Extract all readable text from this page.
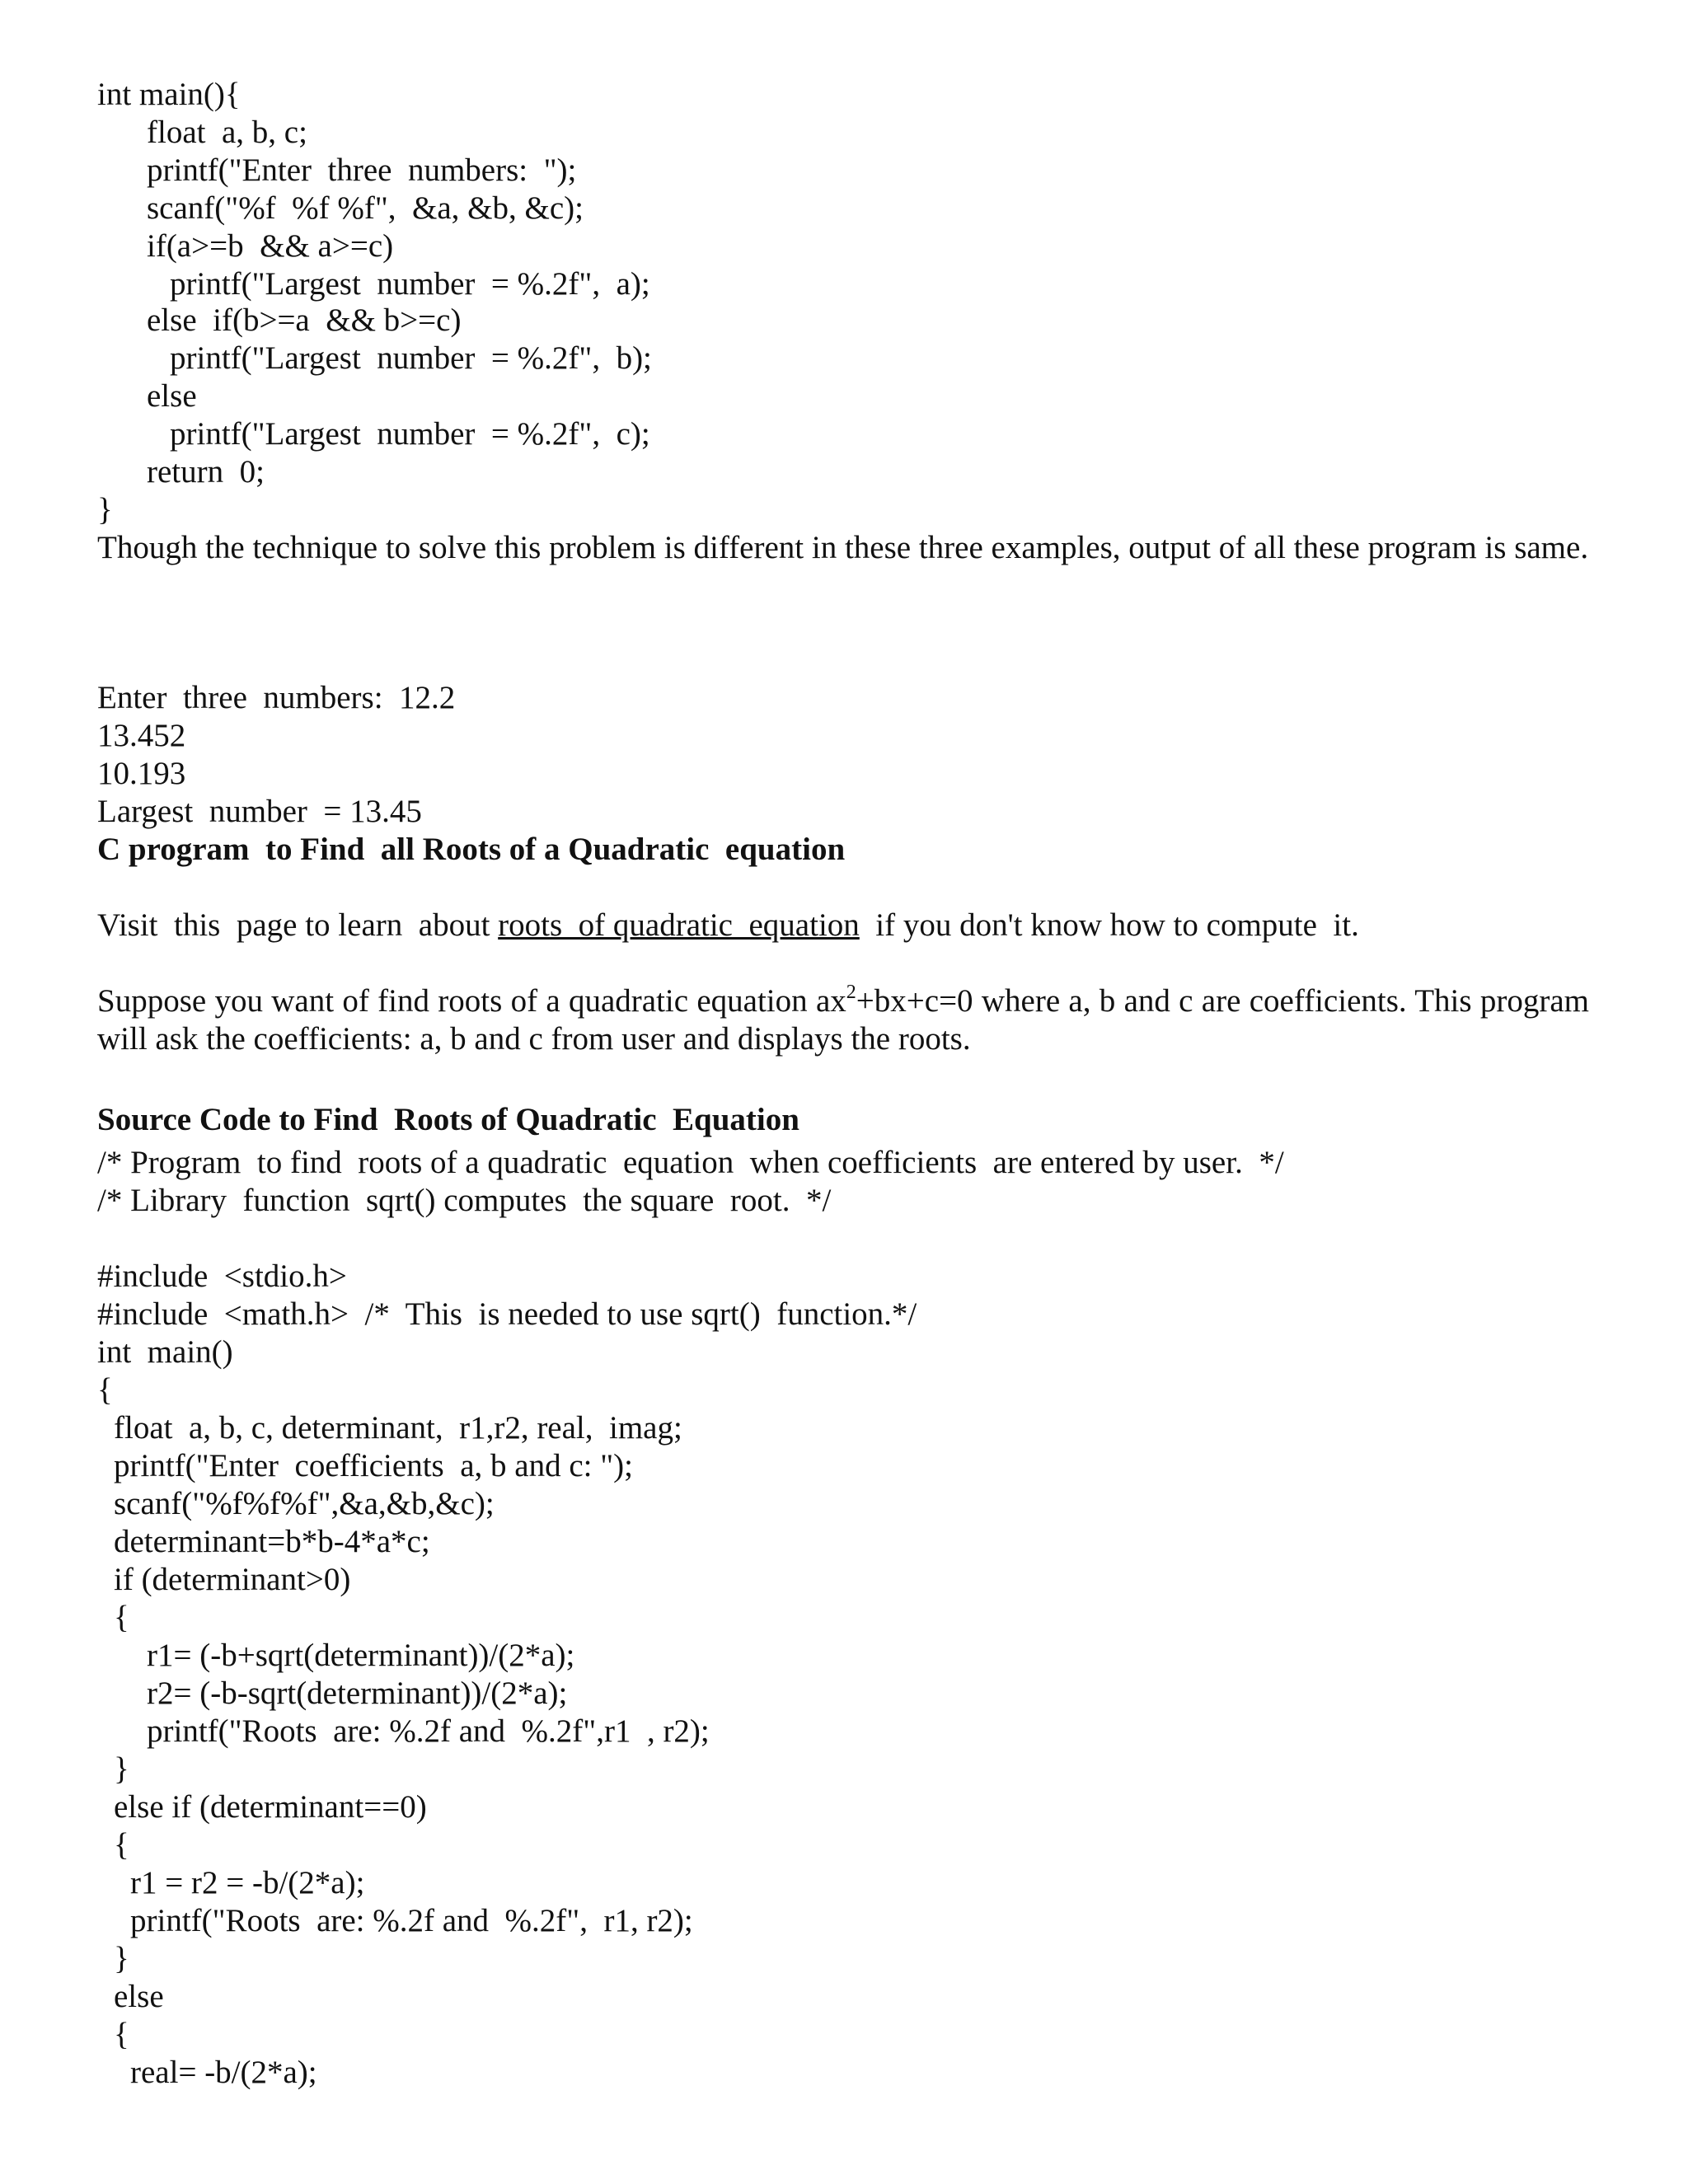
int main(){
float  a, b, c;
printf("Enter  three  numbers:  ");
scanf("%f  %f %f",  &a, &b, &c);
if(a>=b  && a>=c)
printf("Largest  number  = %.2f",  a);
else  if(b>=a  && b>=c)
printf("Largest  number  = %.2f",  b);
else
printf("Largest  number  = %.2f",  c);
return  0;
}
Though the technique to solve this problem is different in these three examples, output of all these program is same.
Enter  three  numbers:  12.2
13.452
10.193
Largest  number  = 13.45
C program  to Find  all Roots of a Quadratic  equation
Visit  this  page to learn  about roots  of quadratic  equation  if you don't know how to compute  it.
Suppose you want of find roots of a quadratic equation $ax^2+bx+c=0$ where a, b and c are coefficients. This program will ask the coefficients: a, b and c from user and displays the roots.
Source Code to Find  Roots of Quadratic  Equation
/* Program  to find  roots of a quadratic  equation  when coefficients  are entered by user.  */
/* Library  function  sqrt() computes  the square  root.  */
#include  <stdio.h>
#include  <math.h>  /*  This  is needed to use sqrt()  function.*/
int  main()
{
float  a, b, c, determinant,  r1,r2, real,  imag;
printf("Enter  coefficients  a, b and c: ");
scanf("%f%f%f",&a,&b,&c);
determinant=b*b-4*a*c;
if (determinant>0)
{
r1= (-b+sqrt(determinant))/(2*a);
r2= (-b-sqrt(determinant))/(2*a);
printf("Roots  are: %.2f and  %.2f",r1  , r2);
}
else if (determinant==0)
{
r1 = r2 = -b/(2*a);
printf("Roots  are: %.2f and  %.2f",  r1, r2);
}
else
{
real= -b/(2*a);
